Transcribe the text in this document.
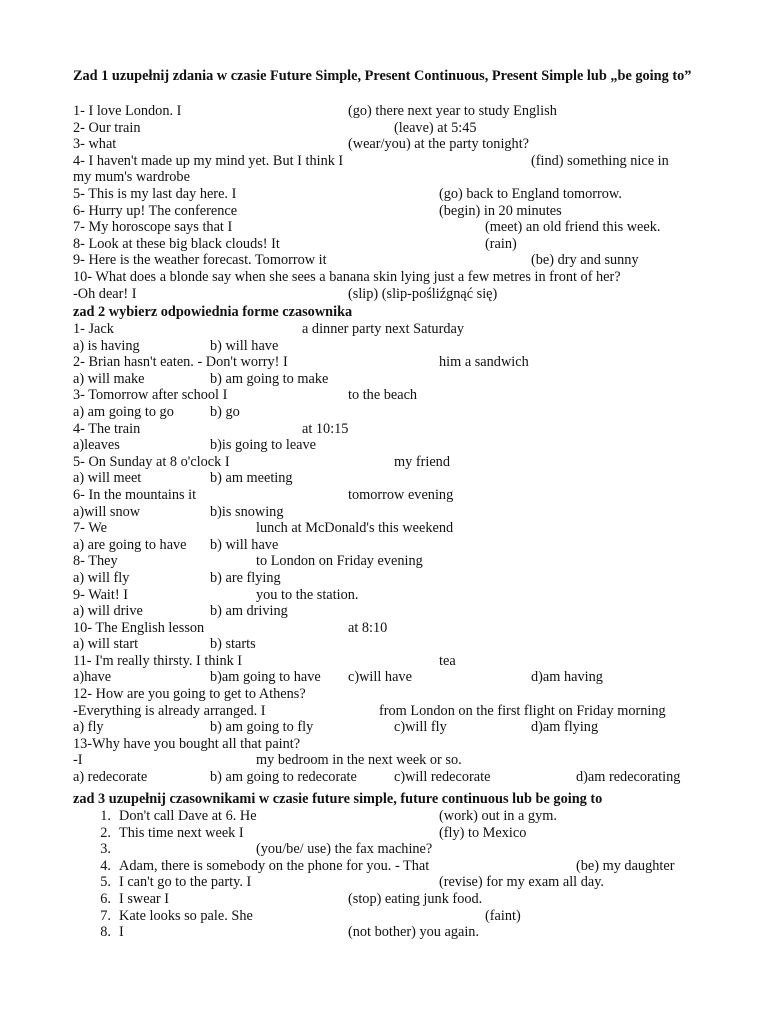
Zad 1 uzupełnij zdania w czasie Future Simple, Present Continuous, Present Simple lub „be going to”
1- I love London. I	(go) there next year to study English
2- Our train	(leave) at 5:45
3- what	(wear/you) at the party tonight?
4- I haven't made up my mind yet. But I think I	(find) something nice in
my mum's wardrobe
5- This is my last day here. I	(go) back to England tomorrow.
6- Hurry up! The conference	(begin) in 20 minutes
7- My horoscope says that I	(meet) an old friend this week.
8- Look at these big black clouds! It	(rain)
9- Here is the weather forecast. Tomorrow it	(be) dry and sunny
10- What does a blonde say when she sees a banana skin lying just a few metres in front of her?
-Oh dear! I	(slip) (slip-pośliźgnąć się)
zad 2 wybierz odpowiednia forme czasownika
1- Jack	a dinner party next Saturday
a) is having	b) will have
2- Brian hasn't eaten. - Don't worry! I	him a sandwich
a) will make	b) am going to make
3- Tomorrow after school I	to the beach
a) am going to go	b) go
4- The train	at 10:15
a)leaves	b)is going to leave
5- On Sunday at 8 o'clock I	my friend
a) will meet	b) am meeting
6- In the mountains it	tomorrow evening
a)will snow	b)is snowing
7- We	lunch at McDonald's this weekend
a) are going to have b) will have
8- They	to London on Friday evening
a) will fly	b) are flying
9- Wait! I	you to the station.
a) will drive	b) am driving
10- The English lesson	at 8:10
a) will start	b) starts
11- I'm really thirsty. I think I	tea
a)have	b)am going to have c)will have	d)am having
12- How are you going to get to Athens?
-Everything is already arranged. I	from London on the first flight on Friday morning
a) fly	b) am going to fly	c)will fly	d)am flying
13-Why have you bought all that paint?
-I	my bedroom in the next week or so.
a) redecorate	b) am going to redecorate	c)will redecorate	d)am redecorating
zad 3 uzupełnij czasownikami w czasie future simple, future continuous lub be going to
1. Don't call Dave at 6. He	(work) out in a gym.
2. This time next week I	(fly) to Mexico
3.	(you/be/ use) the fax machine?
4. Adam, there is somebody on the phone for you. - That	(be) my daughter
5. I can't go to the party. I	(revise) for my exam all day.
6. I swear I	(stop) eating junk food.
7. Kate looks so pale. She	(faint)
8. I	(not bother) you again.
